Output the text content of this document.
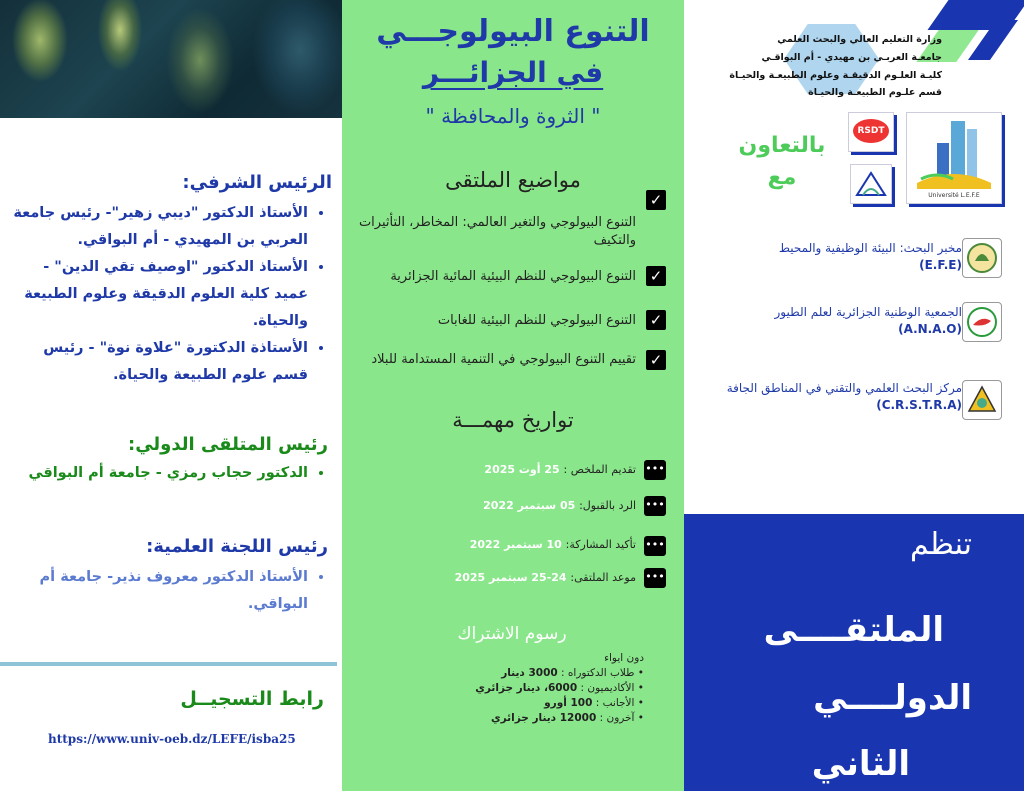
الرئيس الشرفي:
• الأستاذ الدكتور "ديبي زهير"- رئيس جامعة العربي بن المهيدي - أم البواقي.
• الأستاذ الدكتور "اوصيف تقي الدين" - عميد كلية العلوم الدقيقة وعلوم الطبيعة والحياة.
• الأستاذة الدكتورة "علاوة نوة" - رئيس قسم علوم الطبيعة والحياة.
رئيس المتلقى الدولي:
• الدكتور حجاب رمزي - جامعة أم البواقي
رئيس اللجنة العلمية:
• الأستاذ الدكتور معروف نذير- جامعة أم البواقي.
رابط التسجيــل
https://www.univ-oeb.dz/LEFE/isba25
التنوع البيولوجـــي
في الجزائـــر
" الثروة والمحافظة "
مواضيع الملتقى
✓
التنوع البيولوجي والتغير العالمي: المخاطر، التأثيرات والتكيف
✓
التنوع البيولوجي للنظم البيئية المائية الجزائرية
✓
التنوع البيولوجي للنظم البيئية للغابات
✓
تقييم التنوع البيولوجي في التنمية المستدامة للبلاد
تواريخ مهمـــة
•••
تقديم الملخص : 25 أوت 2025
•••
الرد بالقبول: 05 سبتمبر 2022
•••
تأكيد المشاركة: 10 سبتمبر 2022
•••
موعد الملتقى: 24-25 سبتمبر 2025
رسوم الاشتراك
دون ايواء
• طلاب الدكتوراه : 3000 دينار
• الأكاديميون : 6000، دينار جزائري
• الأجانب : 100 أورو
• آخرون : 12000 دينار جزائري
وزارة التعليم العالي والبحث العلمي
جامعـة العربـي بن مهيدي - أم البواقـي
كليـة العلـوم الدقيقـة وعلوم الطبيعـة والحيـاة
قسم علـوم الطبيعـة والحيـاة
بالتعاون
مع
RSDT
Université L.E.F.E
مخبر البحث: البيئة الوظيفية والمحيط
(E.F.E)
الجمعية الوطنية الجزائرية لعلم الطيور
(A.N.A.O)
مركز البحث العلمي والتقني في المناطق الجافة
(C.R.S.T.R.A)
تنظم
الملتقــــى
الدولــــي
الثاني
